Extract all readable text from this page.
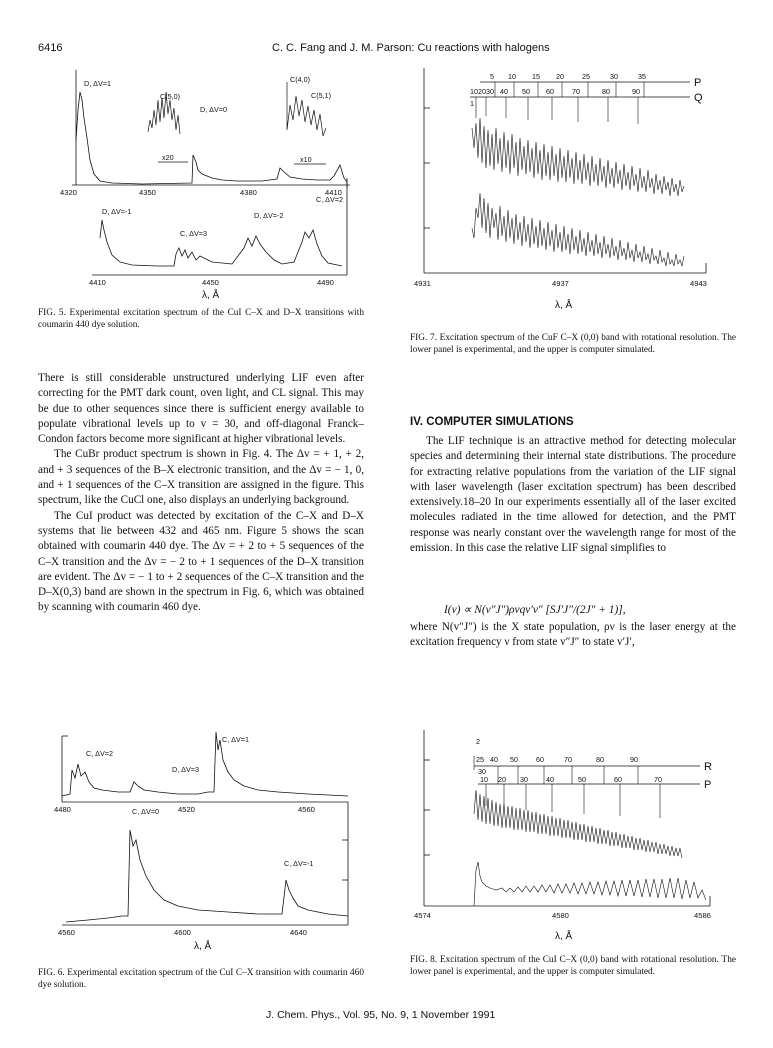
6416	C. C. Fang and J. M. Parson: Cu reactions with halogens
4320	4350	4380	4410
4410	4450	4490
D, ΔV=1
C(5,0)
D, ΔV=0
C(4,0)
C(5,1)
x20	x10
D, ΔV=-1
C, ΔV=3
D, ΔV=-2
C, ΔV=2
λ, Å

FIG. 5. Experimental excitation spectrum of the CuI C–X and D–X transitions with coumarin 440 dye solution.

5 10 15 20	25	30	35
10 20 30 40 50 60	70	80	90
1
P
Q
4931	4937	4943
λ, Å

FIG. 7. Excitation spectrum of the CuF C–X (0,0) band with rotational resolution. The lower panel is experimental, and the upper is computer simulated.

There is still considerable unstructured underlying LIF even after correcting for the PMT dark count, oven light, and CL signal. This may be due to other sequences since there is sufficient energy available to populate vibrational levels up to v = 30, and off-diagonal Franck–Condon factors become more significant at higher vibrational levels.

The CuBr product spectrum is shown in Fig. 4. The Δv = + 1, + 2, and + 3 sequences of the B–X electronic transition, and the Δv = − 1, 0, and + 1 sequences of the C–X transition are assigned in the figure. This spectrum, like the CuCl one, also displays an underlying background.

The CuI product was detected by excitation of the C–X and D–X systems that lie between 432 and 465 nm. Figure 5 shows the scan obtained with coumarin 440 dye. The Δv = + 2 to + 5 sequences of the C–X transition and the Δv = − 2 to + 1 sequences of the D–X transition are evident. The Δv = − 1 to + 2 sequences of the C–X transition and the D–X(0,3) band are shown in the spectrum in Fig. 6, which was obtained by scanning with coumarin 460 dye.

IV. COMPUTER SIMULATIONS

The LIF technique is an attractive method for detecting molecular species and determining their internal state distributions. The procedure for extracting relative populations from the variation of the LIF signal with laser wavelength (laser excitation spectrum) has been described extensively.18–20 In our experiments essentially all of the laser excited molecules radiated in the time allowed for detection, and the PMT response was nearly constant over the wavelength range for most of the emission. In this case the relative LIF signal simplifies to

I(ν) ∝ N(v″J″)ρνqv′v″ [SJ′J″/(2J″ + 1)],

where N(v″J″) is the X state population, ρν is the laser energy at the excitation frequency ν from state v″J″ to state v′J′,

4480	4520	4560
4560	4600	4640
C, ΔV=2
D, ΔV=3
C, ΔV=1
C, ΔV=0
C, ΔV=-1
λ, Å

FIG. 6. Experimental excitation spectrum of the CuI C–X transition with coumarin 460 dye solution.

2
25 40 50	60	70	80	90
30
10 20 30	40	50	60	70
R
P
4574	4580	4586
λ, Å

FIG. 8. Excitation spectrum of the CuI C–X (0,0) band with rotational resolution. The lower panel is experimental, and the upper is computer simulated.

J. Chem. Phys., Vol. 95, No. 9, 1 November 1991
